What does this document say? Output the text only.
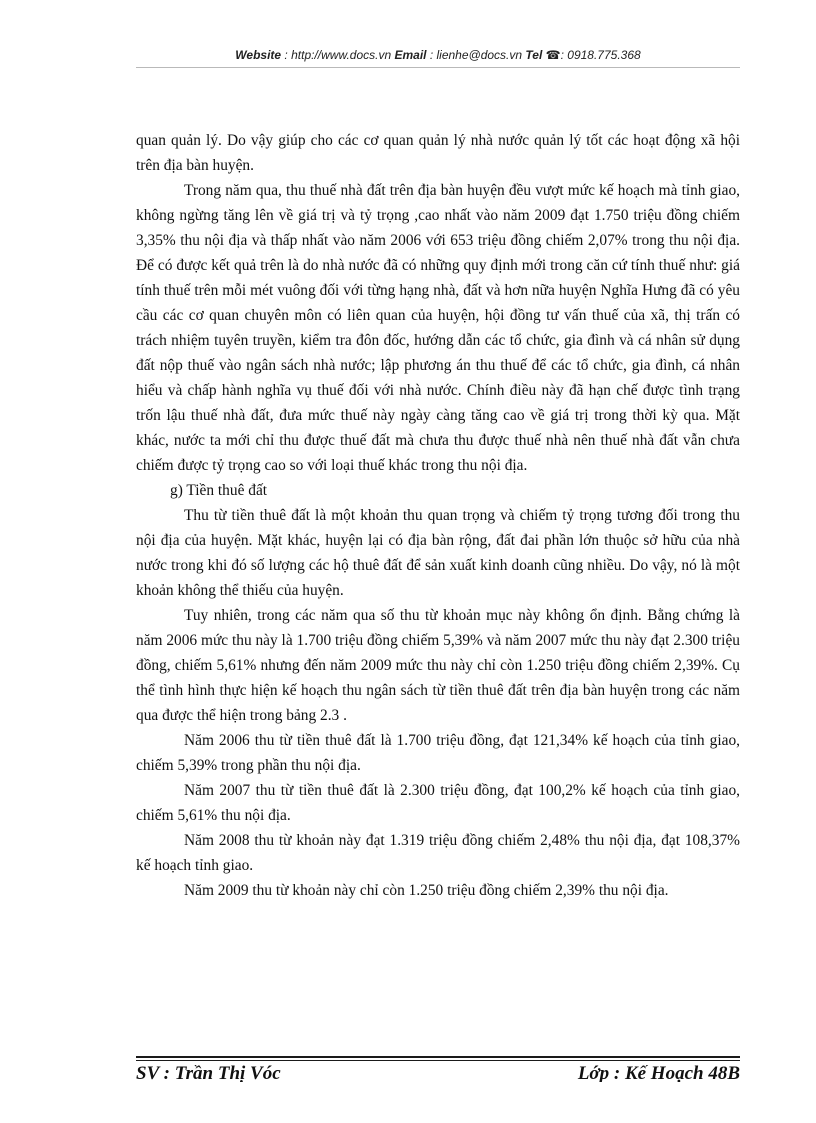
Website : http://www.docs.vn Email : lienhe@docs.vn Tel ☎: 0918.775.368

quan quản lý. Do vậy giúp cho các cơ quan quản lý nhà nước quản lý tốt các hoạt động xã hội trên địa bàn huyện.

Trong năm qua, thu thuế nhà đất trên địa bàn huyện đều vượt mức kế hoạch mà tỉnh giao, không ngừng tăng lên về giá trị và tỷ trọng ,cao nhất vào năm 2009 đạt 1.750 triệu đồng chiếm 3,35% thu nội địa và thấp nhất vào năm 2006 với 653 triệu đồng chiếm 2,07% trong thu nội địa. Để có được kết quả trên là do nhà nước đã có những quy định mới trong căn cứ tính thuế như: giá tính thuế trên mỗi mét vuông đối với từng hạng nhà, đất và hơn nữa huyện Nghĩa Hưng đã có yêu cầu các cơ quan chuyên môn có liên quan của huyện, hội đồng tư vấn thuế của xã, thị trấn có trách nhiệm tuyên truyền, kiểm tra đôn đốc, hướng dẫn các tổ chức, gia đình và cá nhân sử dụng đất nộp thuế vào ngân sách nhà nước; lập phương án thu thuế để các tổ chức, gia đình, cá nhân hiểu và chấp hành nghĩa vụ thuế đối với nhà nước. Chính điều này đã hạn chế được tình trạng trốn lậu thuế nhà đất, đưa mức thuế này ngày càng tăng cao về giá trị trong thời kỳ qua. Mặt khác, nước ta mới chỉ thu được thuế đất mà chưa thu được thuế nhà nên thuế nhà đất vẫn chưa chiếm được tỷ trọng cao so với loại thuế khác trong thu nội địa.

g) Tiền thuê đất

Thu từ tiền thuê đất là một khoản thu quan trọng và chiếm tỷ trọng tương đối trong thu nội địa của huyện. Mặt khác, huyện lại có địa bàn rộng, đất đai phần lớn thuộc sở hữu của nhà nước trong khi đó số lượng các hộ thuê đất để sản xuất kinh doanh cũng nhiều. Do vậy, nó là một khoản không thể thiếu của huyện.

Tuy nhiên, trong các năm qua số thu từ khoản mục này không ổn định. Bằng chứng là năm 2006 mức thu này là 1.700 triệu đồng chiếm 5,39% và năm 2007 mức thu này đạt 2.300 triệu đồng, chiếm 5,61% nhưng đến năm 2009 mức thu này chỉ còn 1.250 triệu đồng chiếm 2,39%. Cụ thể tình hình thực hiện kế hoạch thu ngân sách từ tiền thuê đất trên địa bàn huyện trong các năm qua được thể hiện trong bảng 2.3 .

Năm 2006 thu từ tiền thuê đất là 1.700 triệu đồng, đạt 121,34% kế hoạch của tỉnh giao, chiếm 5,39% trong phần thu nội địa.

Năm 2007 thu từ tiền thuê đất là 2.300 triệu đồng, đạt 100,2% kế hoạch của tỉnh giao, chiếm 5,61% thu nội địa.

Năm 2008 thu từ khoản này đạt 1.319 triệu đồng chiếm 2,48% thu nội địa, đạt 108,37% kế hoạch tỉnh giao.

Năm 2009 thu từ khoản này chỉ còn 1.250 triệu đồng chiếm 2,39% thu nội địa.

SV : Trần Thị Vóc	Lớp : Kế Hoạch 48B
